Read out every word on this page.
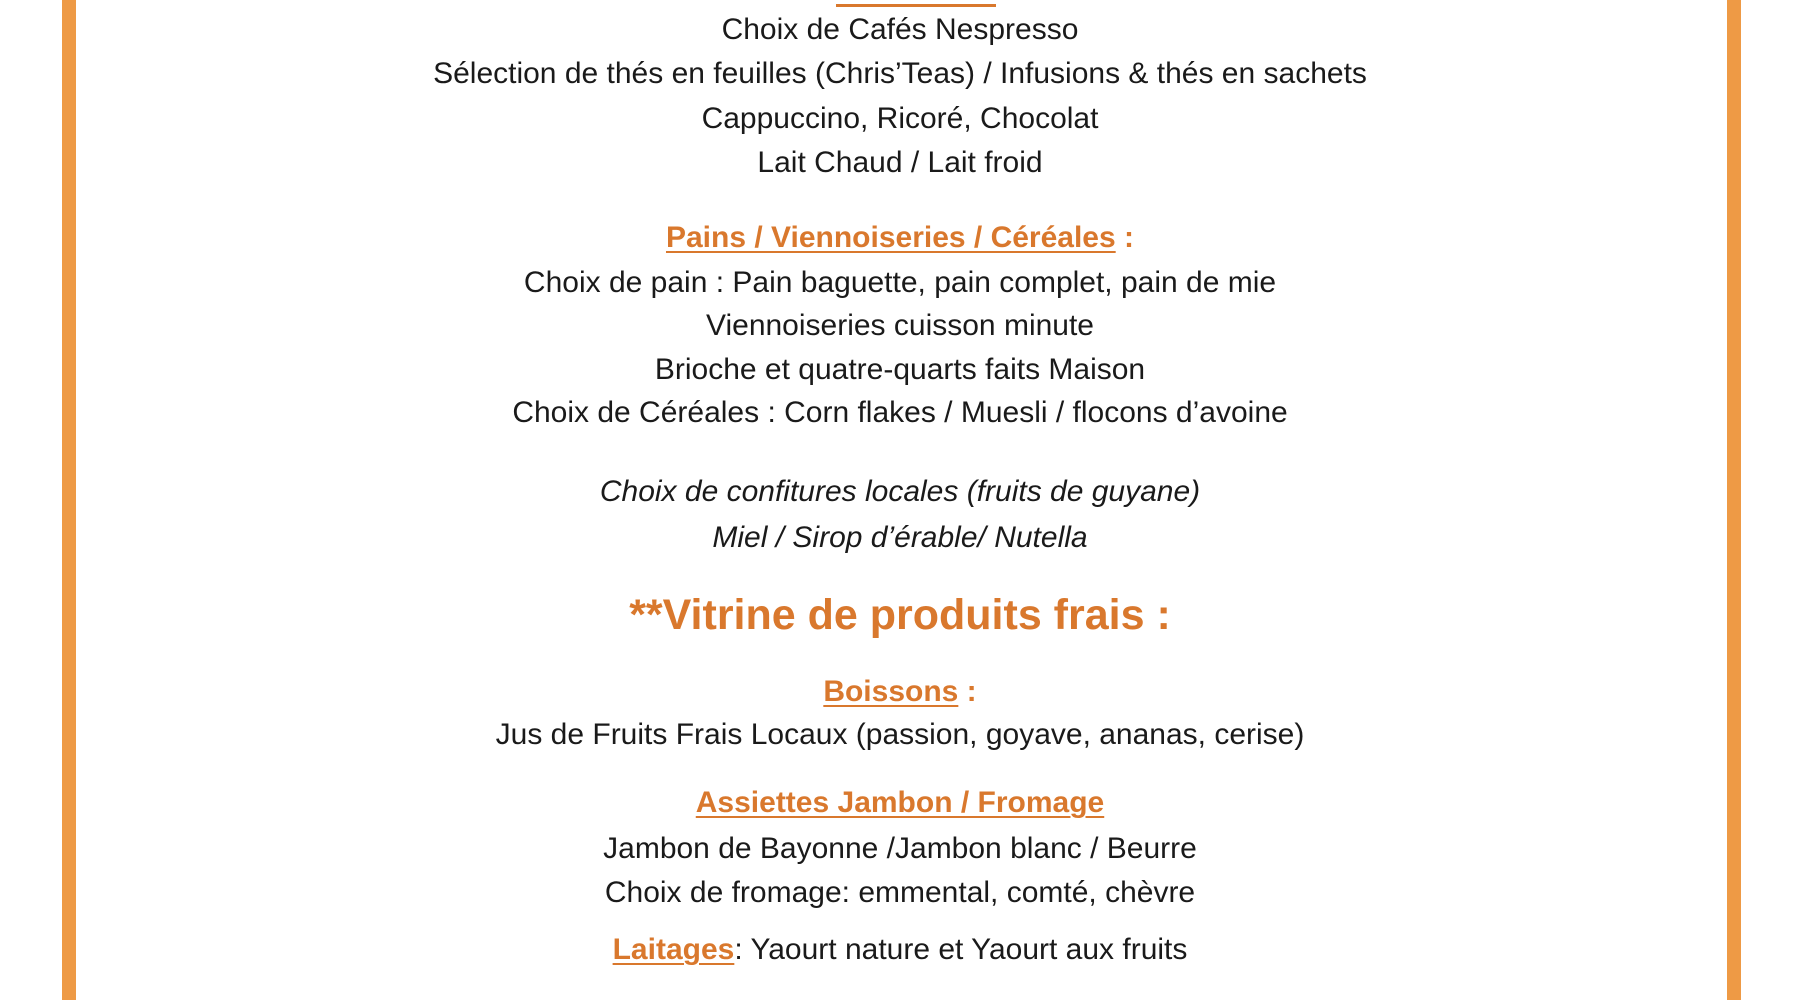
Choix de Cafés Nespresso
Sélection de thés en feuilles (Chris’Teas) / Infusions & thés en sachets
Cappuccino, Ricoré, Chocolat
Lait Chaud / Lait froid
Pains / Viennoiseries / Céréales :
Choix de pain : Pain baguette, pain complet, pain de mie
Viennoiseries cuisson minute
Brioche et quatre-quarts faits Maison
Choix de Céréales : Corn flakes / Muesli / flocons d’avoine
Choix de confitures locales (fruits de guyane)
Miel / Sirop d’érable/ Nutella
**Vitrine de produits frais :
Boissons :
Jus de Fruits Frais Locaux (passion, goyave, ananas, cerise)
Assiettes Jambon / Fromage
Jambon de Bayonne /Jambon blanc / Beurre
Choix de fromage: emmental, comté, chèvre
Laitages: Yaourt nature et Yaourt aux fruits
